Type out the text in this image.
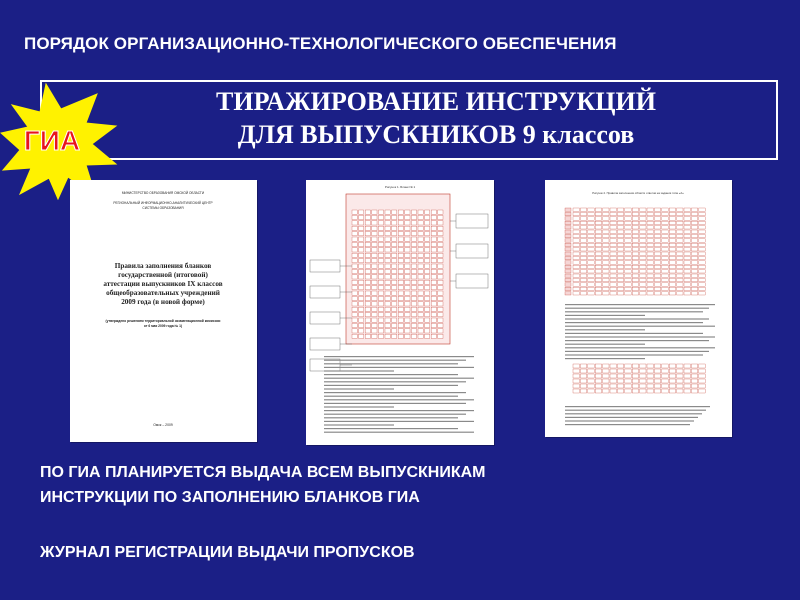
ПОРЯДОК ОРГАНИЗАЦИОННО-ТЕХНОЛОГИЧЕСКОГО ОБЕСПЕЧЕНИЯ
ТИРАЖИРОВАНИЕ ИНСТРУКЦИЙ
ДЛЯ ВЫПУСКНИКОВ 9 классов
ГИА
МИНИСТЕРСТВО ОБРАЗОВАНИЯ ОМСКОЙ ОБЛАСТИ
РЕГИОНАЛЬНЫЙ ИНФОРМАЦИОННО-АНАЛИТИЧЕСКИЙ ЦЕНТР
СИСТЕМЫ ОБРАЗОВАНИЯ
Правила заполнения бланков
государственной (итоговой)
аттестации выпускников IX классов
общеобразовательных учреждений
2009 года (в новой форме)
(утверждено решением территориальной экзаменационной комиссии
от 6 мая 2009 года № 1)
Омск – 2009
Рисунок 1. Бланк № 1
Рисунок 2. Правила заполнения области ответов на задания типа «А»
ПО ГИА ПЛАНИРУЕТСЯ ВЫДАЧА ВСЕМ ВЫПУСКНИКАМ
ИНСТРУКЦИИ ПО ЗАПОЛНЕНИЮ БЛАНКОВ ГИА
ЖУРНАЛ РЕГИСТРАЦИИ ВЫДАЧИ ПРОПУСКОВ
